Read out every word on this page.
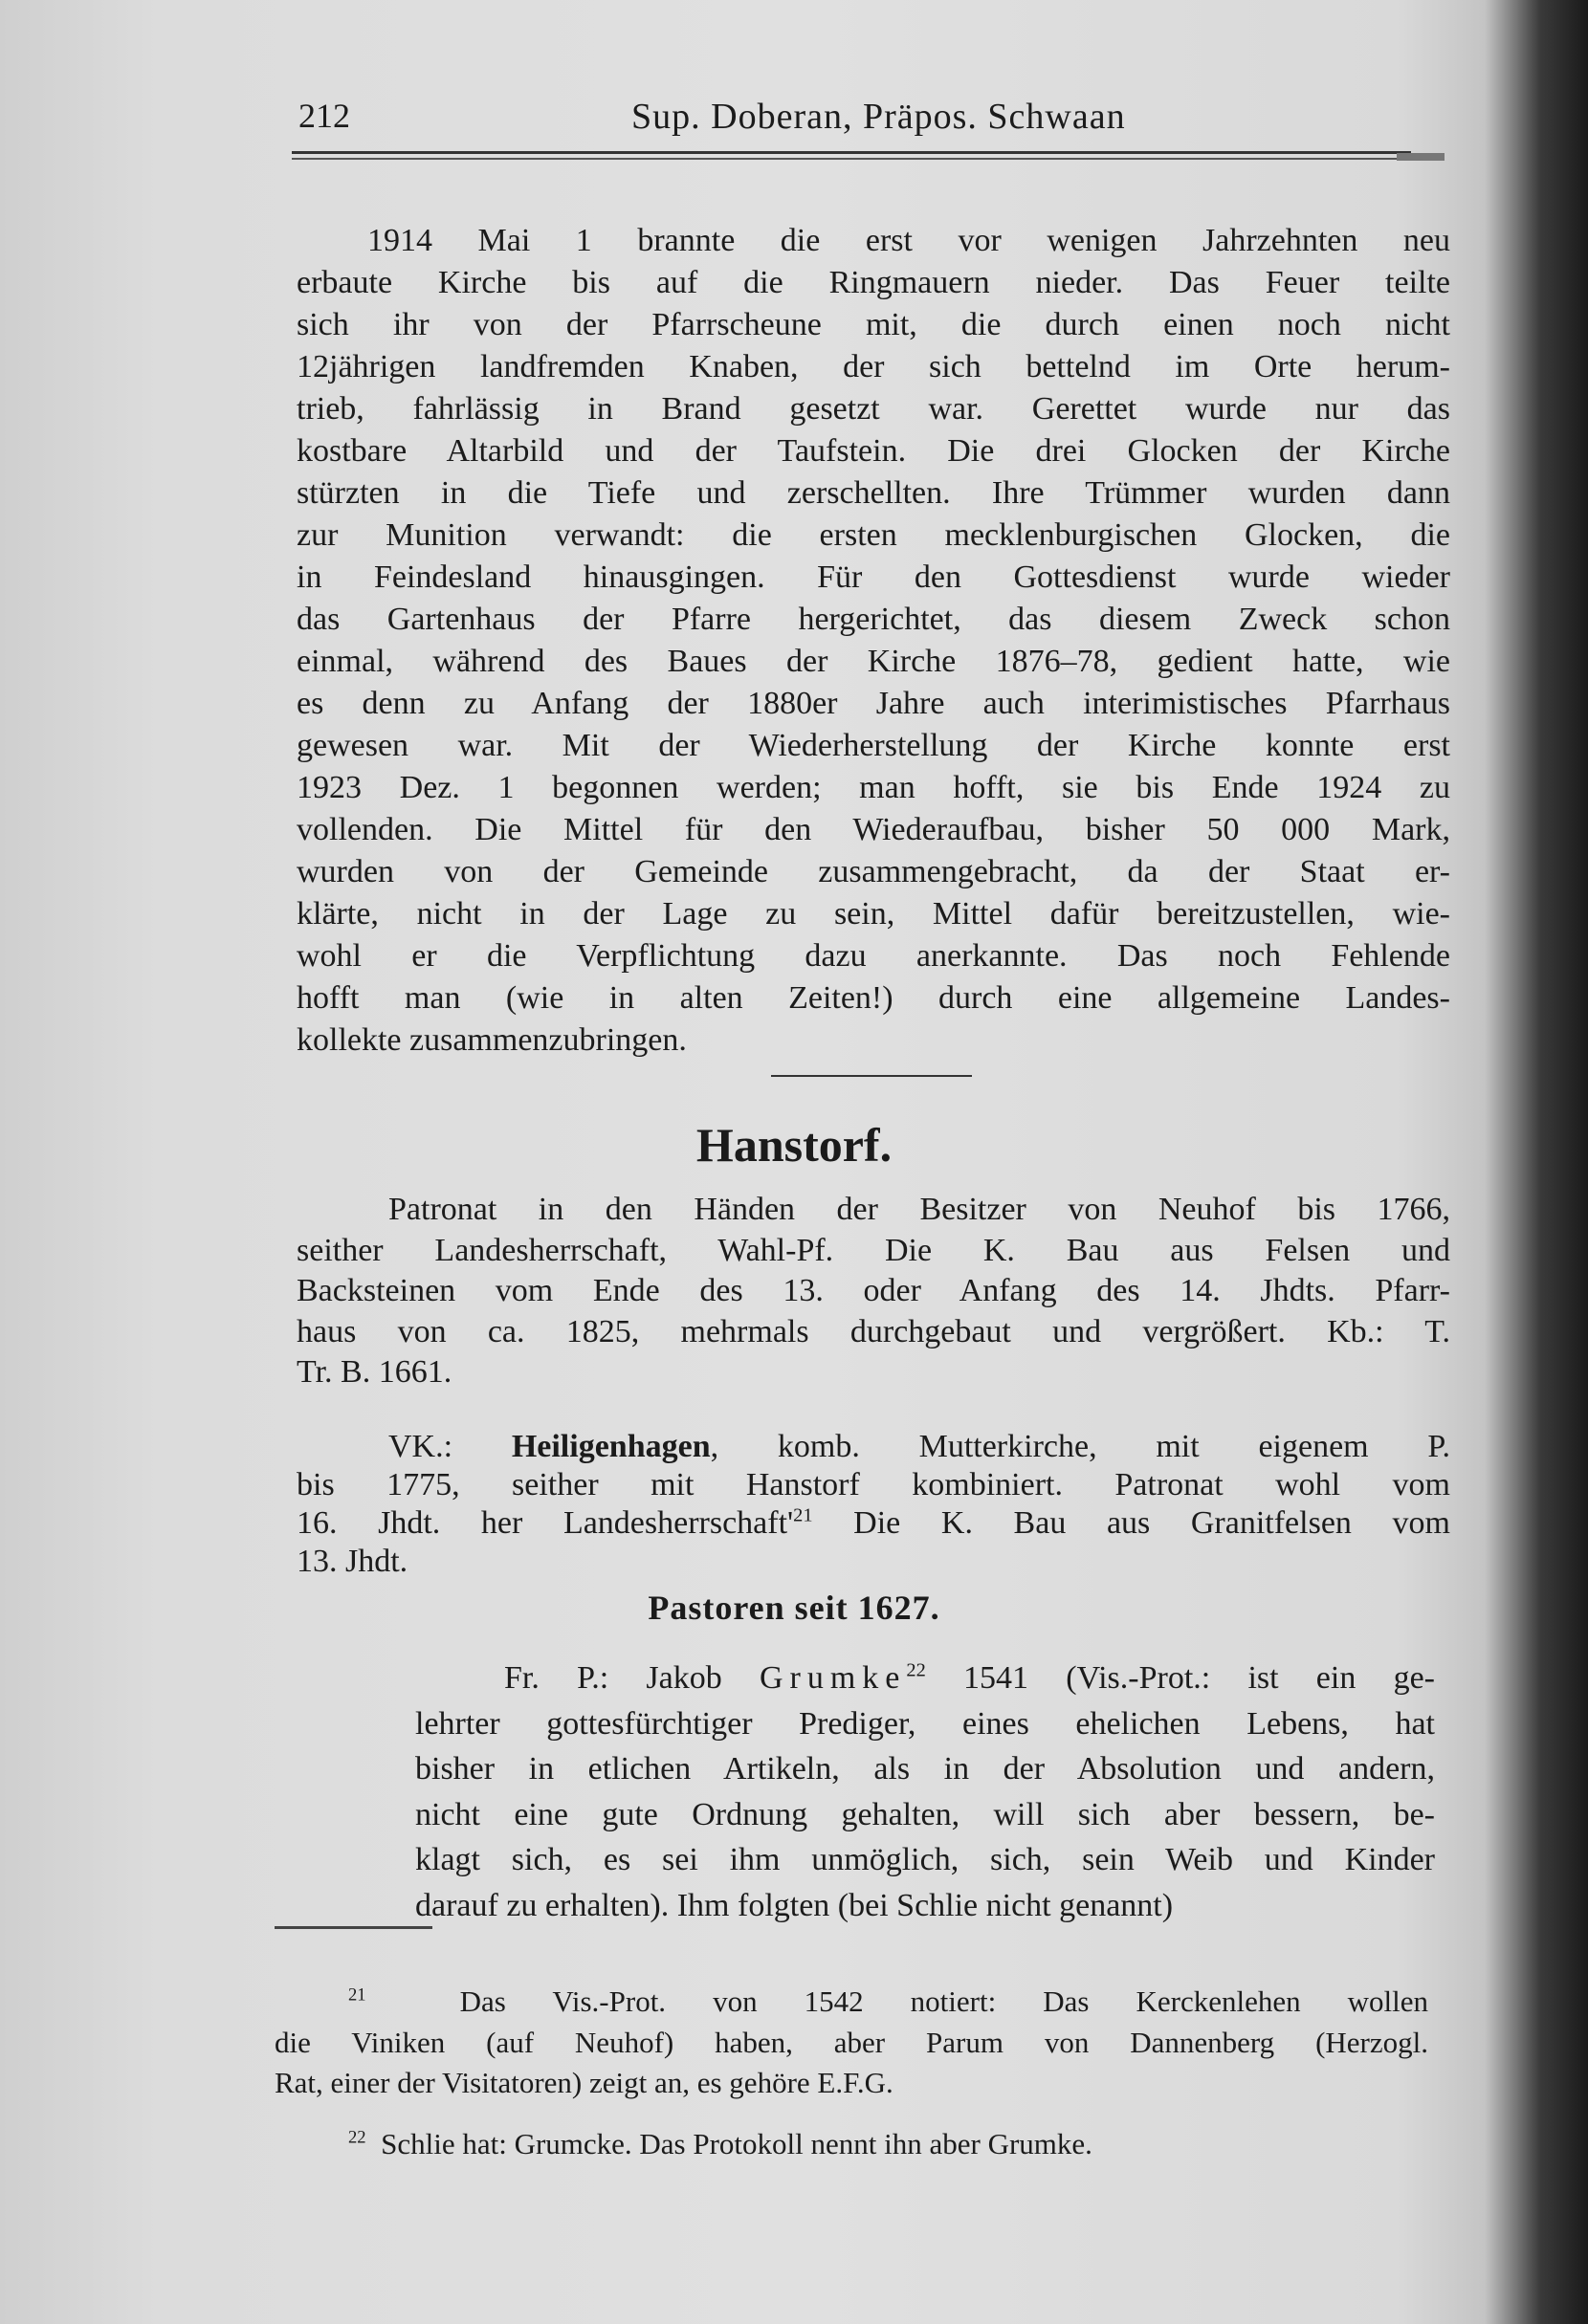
212	Sup. Doberan, Präpos. Schwaan
1914 Mai 1 brannte die erst vor wenigen Jahrzehnten neu
erbaute Kirche bis auf die Ringmauern nieder. Das Feuer teilte
sich ihr von der Pfarrscheune mit, die durch einen noch nicht
12jährigen landfremden Knaben, der sich bettelnd im Orte herum-
trieb, fahrlässig in Brand gesetzt war. Gerettet wurde nur das
kostbare Altarbild und der Taufstein. Die drei Glocken der Kirche
stürzten in die Tiefe und zerschellten. Ihre Trümmer wurden dann
zur Munition verwandt: die ersten mecklenburgischen Glocken, die
in Feindesland hinausgingen. Für den Gottesdienst wurde wieder
das Gartenhaus der Pfarre hergerichtet, das diesem Zweck schon
einmal, während des Baues der Kirche 1876–78, gedient hatte, wie
es denn zu Anfang der 1880er Jahre auch interimistisches Pfarrhaus
gewesen war. Mit der Wiederherstellung der Kirche konnte erst
1923 Dez. 1 begonnen werden; man hofft, sie bis Ende 1924 zu
vollenden. Die Mittel für den Wiederaufbau, bisher 50 000 Mark,
wurden von der Gemeinde zusammengebracht, da der Staat er-
klärte, nicht in der Lage zu sein, Mittel dafür bereitzustellen, wie-
wohl er die Verpflichtung dazu anerkannte. Das noch Fehlende
hofft man (wie in alten Zeiten!) durch eine allgemeine Landes-
kollekte zusammenzubringen.
Hanstorf.
Patronat in den Händen der Besitzer von Neuhof bis 1766,
seither Landesherrschaft, Wahl-Pf. Die K. Bau aus Felsen und
Backsteinen vom Ende des 13. oder Anfang des 14. Jhdts. Pfarr-
haus von ca. 1825, mehrmals durchgebaut und vergrößert. Kb.: T.
Tr. B. 1661.
VK.: Heiligenhagen, komb. Mutterkirche, mit eigenem P.
bis 1775, seither mit Hanstorf kombiniert. Patronat wohl vom
16. Jhdt. her $Landesherrschaft'^{21}$ Die K. Bau aus Granitfelsen vom
13. Jhdt.
Pastoren seit 1627.
Fr. P.: Jakob Grumke$^{22}$ 1541 (Vis.-Prot.: ist ein ge-
lehrter gottesfürchtiger Prediger, eines ehelichen Lebens, hat
bisher in etlichen Artikeln, als in der Absolution und andern,
nicht eine gute Ordnung gehalten, will sich aber bessern, be-
klagt sich, es sei ihm unmöglich, sich, sein Weib und Kinder
darauf zu erhalten). Ihm folgten (bei Schlie nicht genannt)
$^{21}$  Das Vis.-Prot. von 1542 notiert: Das Kerckenlehen wollen
die Viniken (auf Neuhof) haben, aber Parum von Dannenberg (Herzogl.
Rat, einer der Visitatoren) zeigt an, es gehöre E.F.G.
$^{22}$  Schlie hat: Grumcke. Das Protokoll nennt ihn aber Grumke.
